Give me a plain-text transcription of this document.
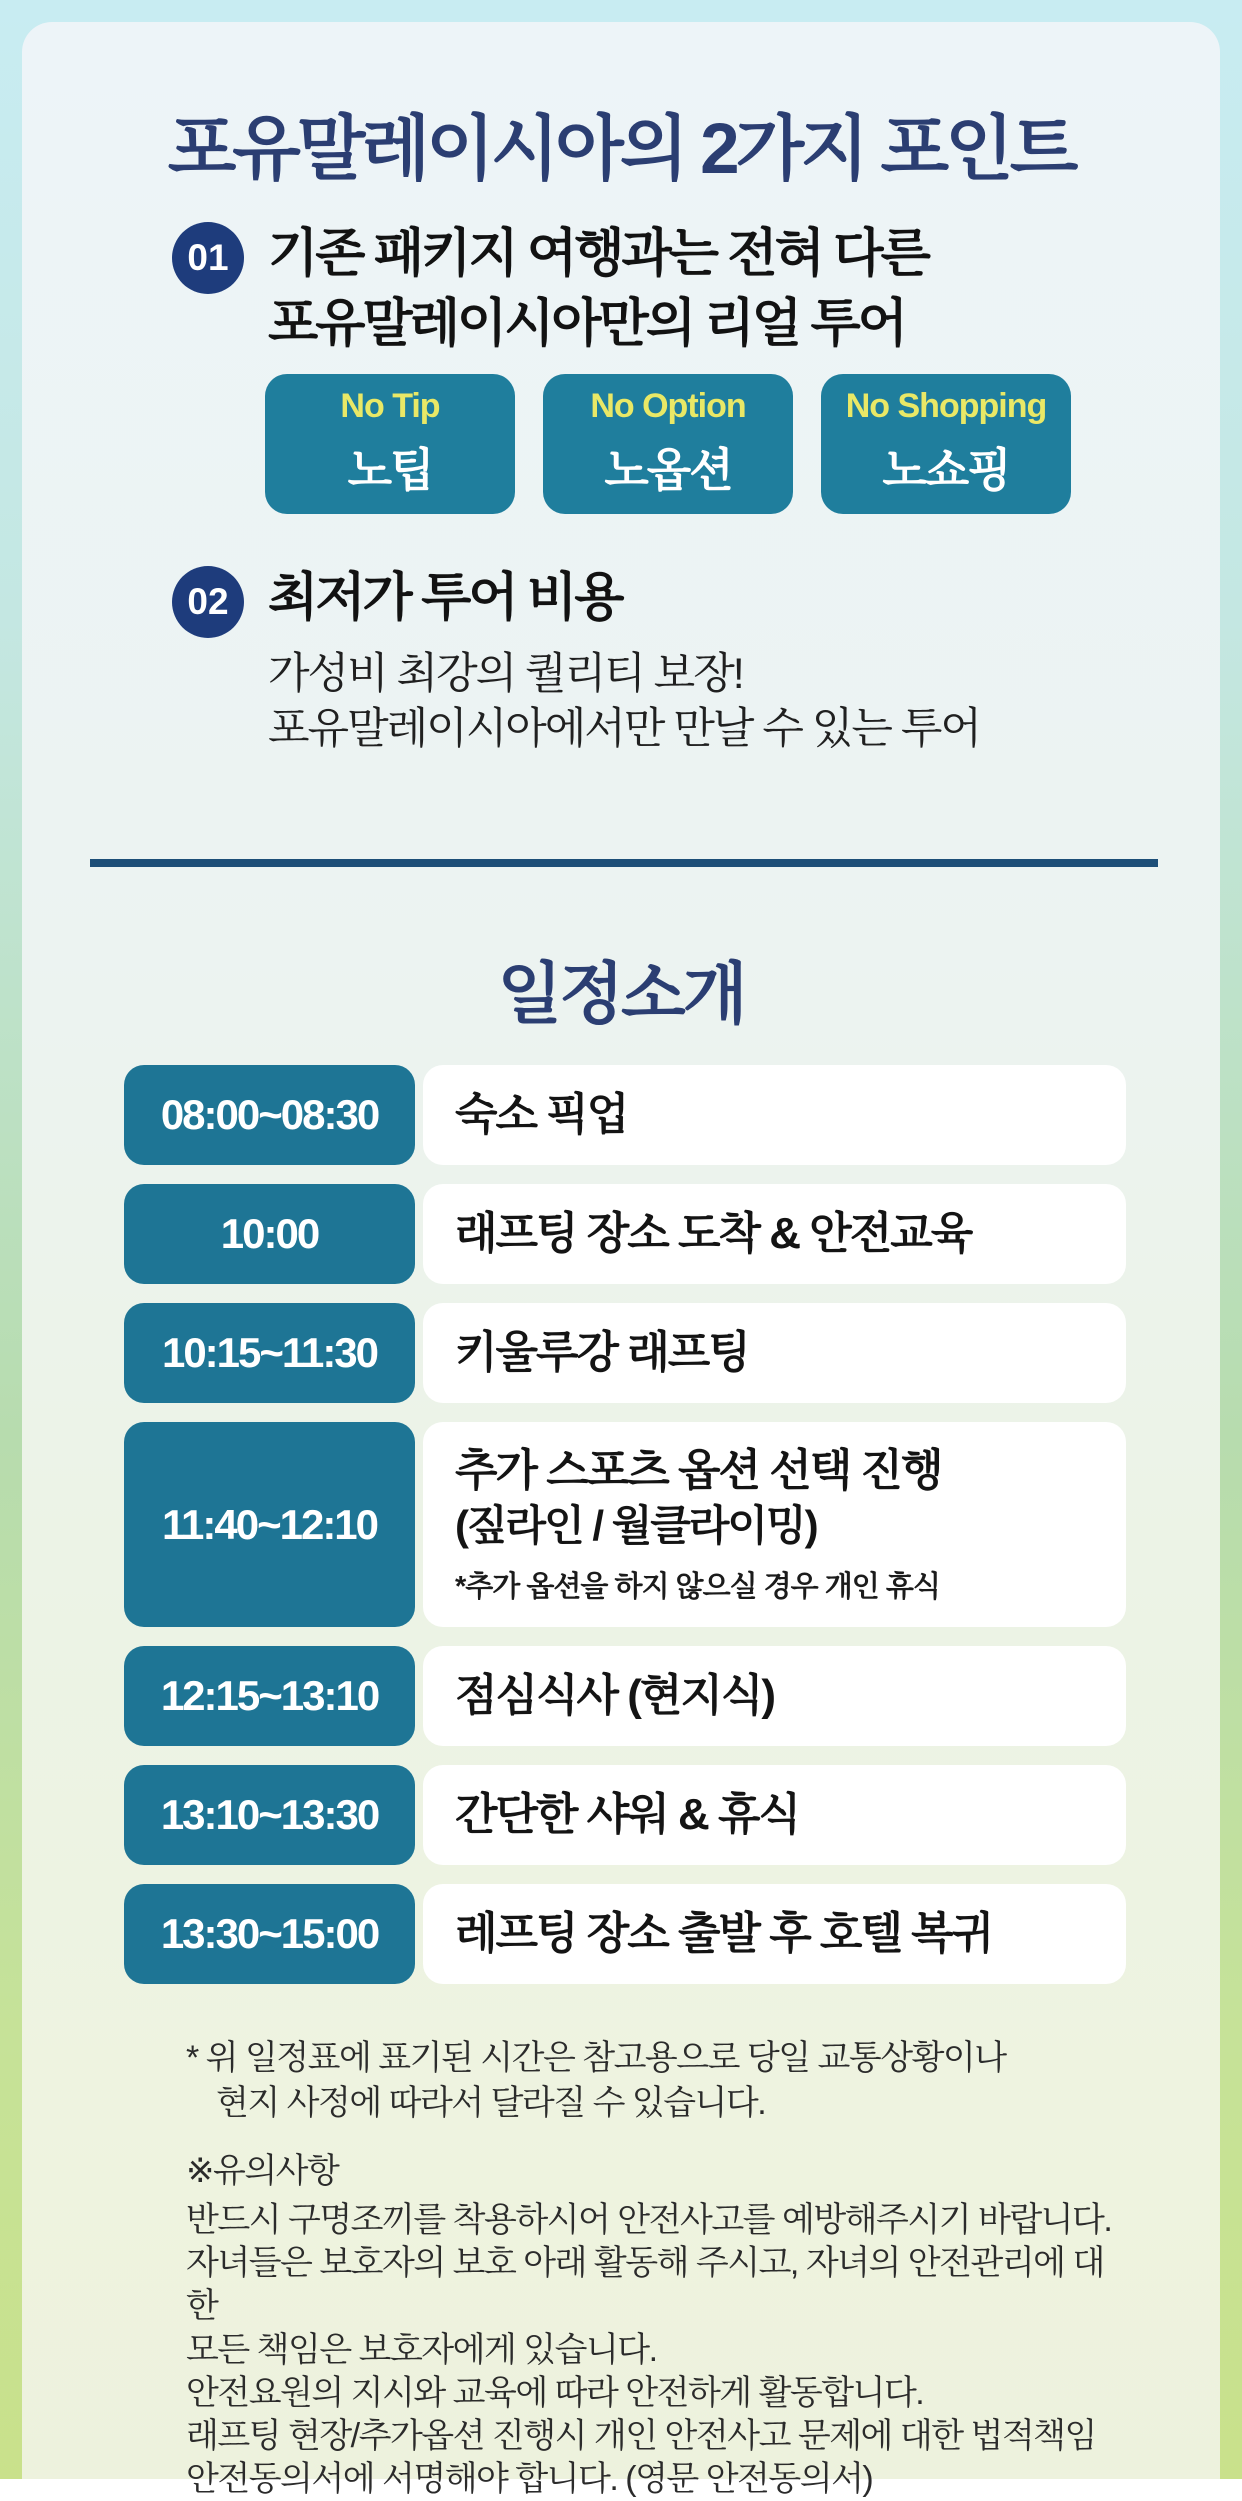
포유말레이시아의 2가지 포인트
01 기존 패키지 여행과는 전혀 다른
포유말레이시아만의 리얼 투어
No Tip
노팁
No Option
노옵션
No Shopping
노쇼핑
02 최저가 투어 비용
가성비 최강의 퀄리티 보장!
포유말레이시아에서만 만날 수 있는 투어
일정소개
08:00~08:30	숙소 픽업
10:00	래프팅 장소 도착 & 안전교육
10:15~11:30	키울루강 래프팅
11:40~12:10
추가 스포츠 옵션 선택 진행
(짚라인 / 월클라이밍)
*추가 옵션을 하지 않으실 경우 개인 휴식
12:15~13:10	점심식사 (현지식)
13:10~13:30	간단한 샤워 & 휴식
13:30~15:00	레프팅 장소 출발 후 호텔 복귀
* 위 일정표에 표기된 시간은 참고용으로 당일 교통상황이나
현지 사정에 따라서 달라질 수 있습니다.
※유의사항
반드시 구명조끼를 착용하시어 안전사고를 예방해주시기 바랍니다.
자녀들은 보호자의 보호 아래 활동해 주시고, 자녀의 안전관리에 대한
모든 책임은 보호자에게 있습니다.
안전요원의 지시와 교육에 따라 안전하게 활동합니다.
래프팅 현장/추가옵션 진행시 개인 안전사고 문제에 대한 법적책임
안전동의서에 서명해야 합니다. (영문 안전동의서)
